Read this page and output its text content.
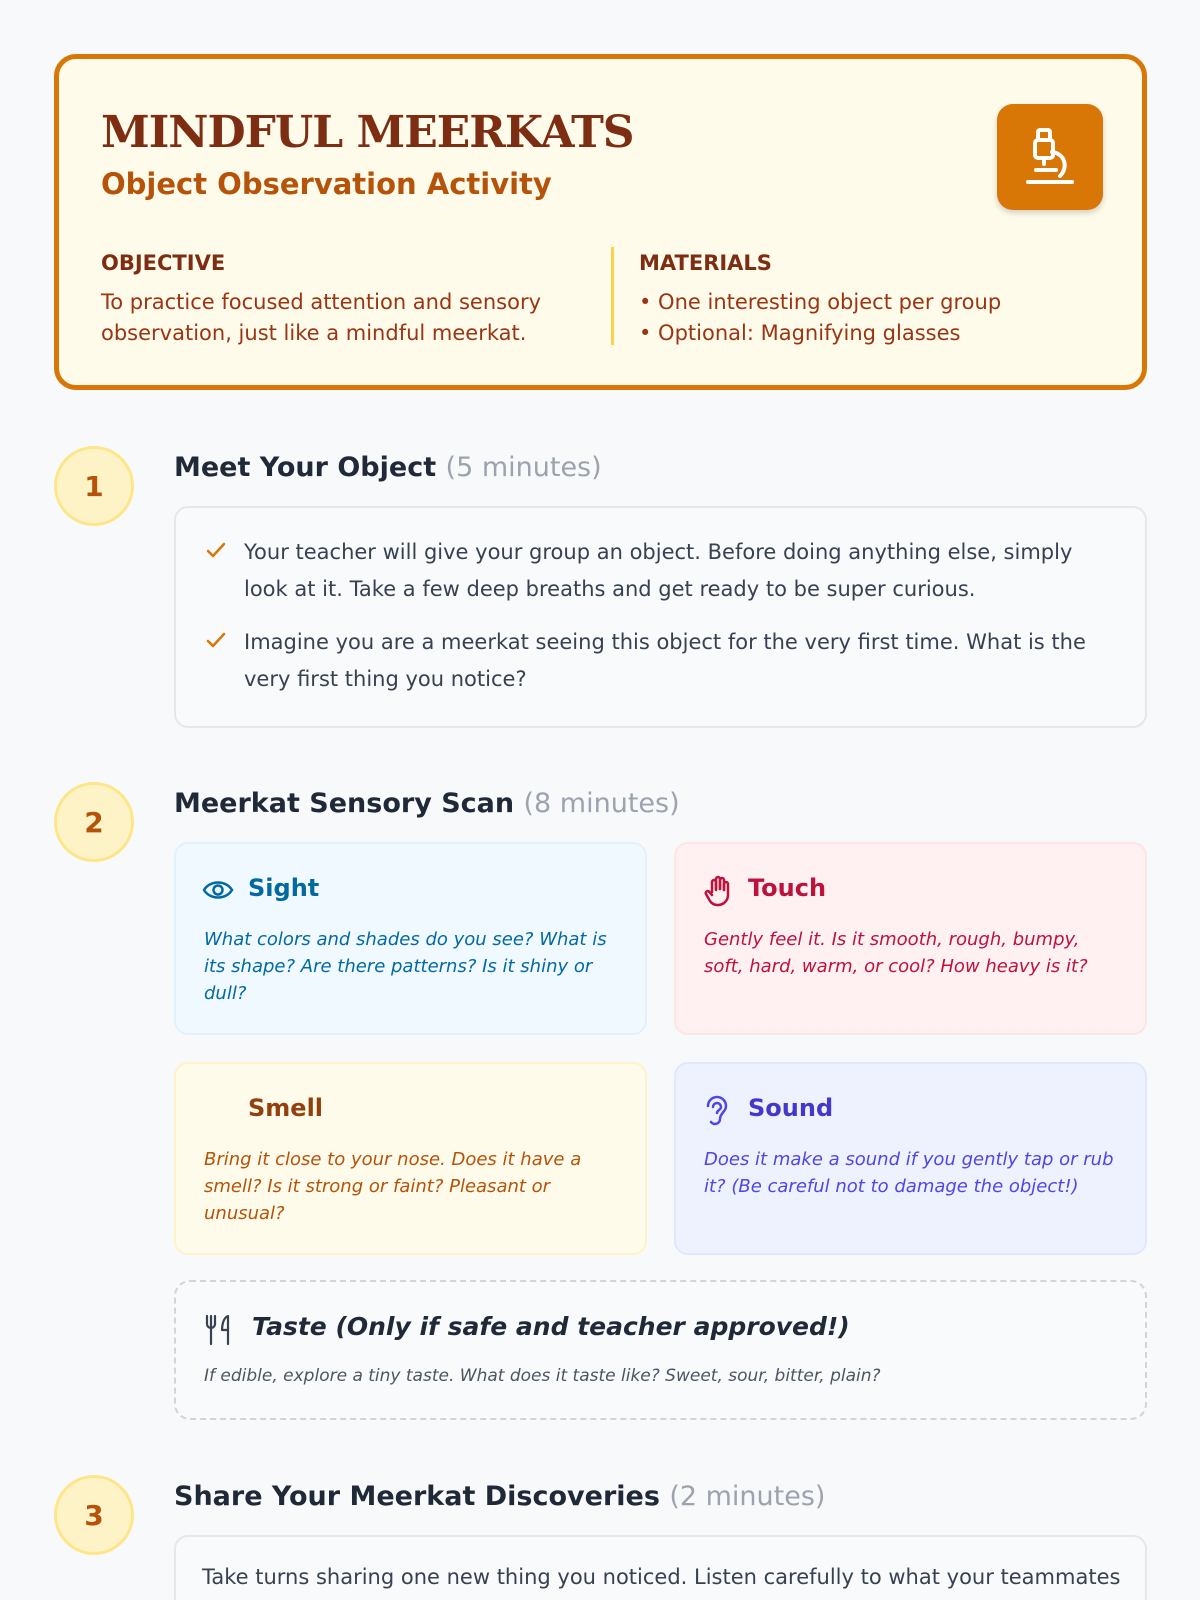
MINDFUL MEERKATS
Object Observation Activity
OBJECTIVE
To practice focused attention and sensory
observation, just like a mindful meerkat.
MATERIALS
• One interesting object per group
• Optional: Magnifying glasses
1
Meet Your Object (5 minutes)
Your teacher will give your group an object. Before doing anything else, simply look at it. Take a few deep breaths and get ready to be super curious.
Imagine you are a meerkat seeing this object for the very first time. What is the very first thing you notice?
2
Meerkat Sensory Scan (8 minutes)
Sight
What colors and shades do you see? What is its shape? Are there patterns? Is it shiny or dull?
Touch
Gently feel it. Is it smooth, rough, bumpy, soft, hard, warm, or cool? How heavy is it?
Smell
Bring it close to your nose. Does it have a smell? Is it strong or faint? Pleasant or unusual?
Sound
Does it make a sound if you gently tap or rub it? (Be careful not to damage the object!)
Taste (Only if safe and teacher approved!)
If edible, explore a tiny taste. What does it taste like? Sweet, sour, bitter, plain?
3
Share Your Meerkat Discoveries (2 minutes)
Take turns sharing one new thing you noticed. Listen carefully to what your teammates
